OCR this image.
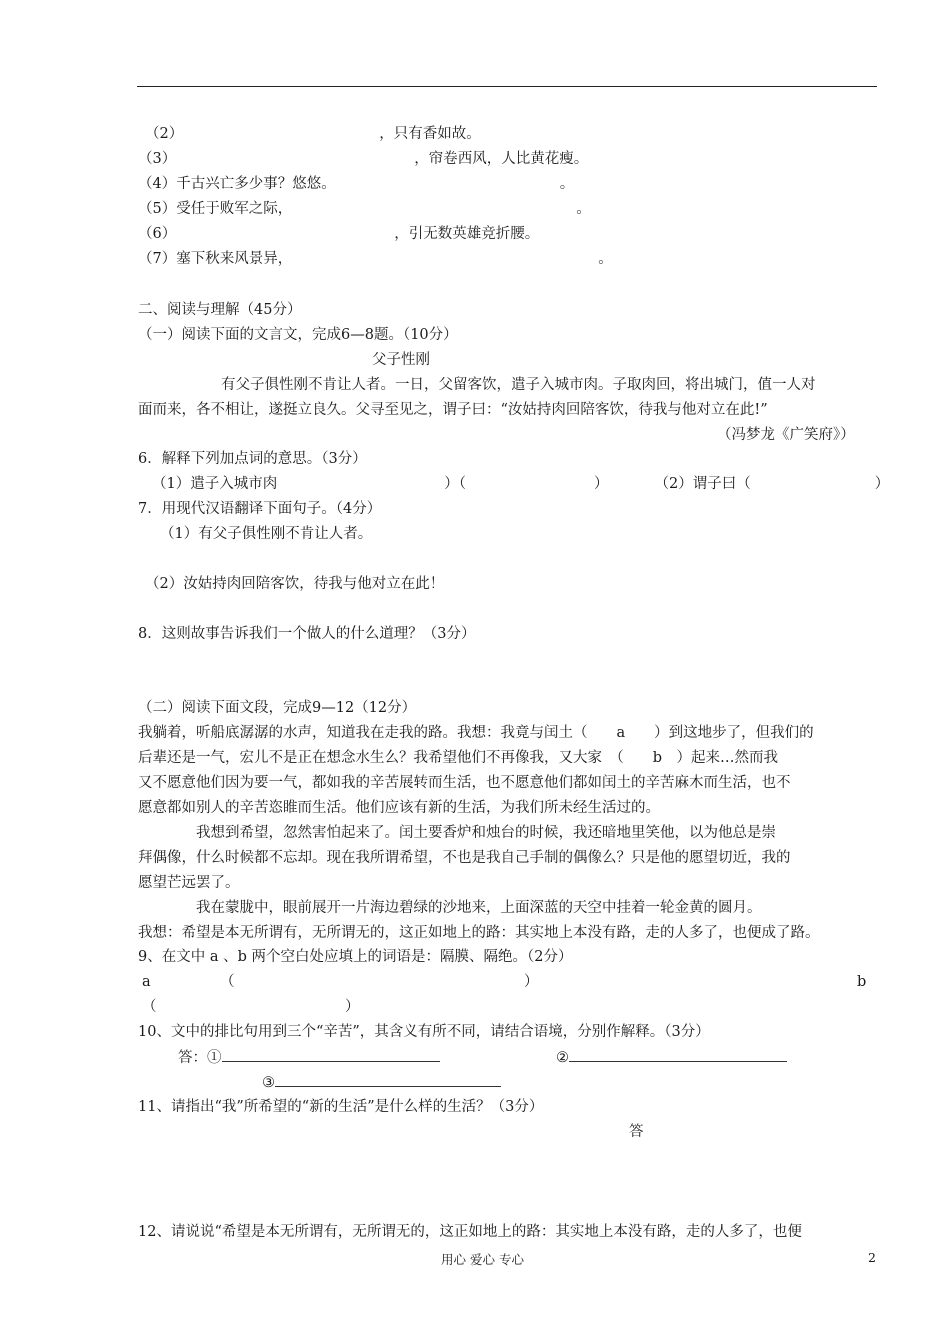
（2）	，只有香如故。
（3）	，帘卷西风，人比黄花瘦。
（4）千古兴亡多少事？悠悠。	。
（5）受任于败军之际，	。
（6）	，引无数英雄竞折腰。
（7）塞下秋来风景异，	。
二、阅读与理解（45分）
（一）阅读下面的文言文，完成6—8题。（10分）
父子性刚
有父子俱性刚不肯让人者。一日，父留客饮，遣子入城市肉。子取肉回，将出城门，值一人对
面而来，各不相让，遂挺立良久。父寻至见之，谓子曰：“汝姑持肉回陪客饮，待我与他对立在此!”
（冯梦龙《广笑府》）
6．解释下列加点词的意思。（3分）
（1）遣子入城市肉	）（	）	（2）谓子曰（	）
7．用现代汉语翻译下面句子。（4分）
（1）有父子俱性刚不肯让人者。
（2）汝姑持肉回陪客饮，待我与他对立在此！
8．这则故事告诉我们一个做人的什么道理？（3分）
（二）阅读下面文段，完成9—12（12分）
我躺着，听船底潺潺的水声，知道我在走我的路。我想：我竟与闰土（　　a　　）到这地步了，但我们的
后辈还是一气，宏儿不是正在想念水生么？我希望他们不再像我，又大家　（　　b　）起来…然而我
又不愿意他们因为要一气，都如我的辛苦展转而生活，也不愿意他们都如闰土的辛苦麻木而生活，也不
愿意都如别人的辛苦恣睢而生活。他们应该有新的生活，为我们所未经生活过的。
　　　　我想到希望，忽然害怕起来了。闰土要香炉和烛台的时候，我还暗地里笑他，以为他总是崇
拜偶像，什么时候都不忘却。现在我所谓希望，不也是我自己手制的偶像么？只是他的愿望切近，我的
愿望芒远罢了。
　　　　我在蒙胧中，眼前展开一片海边碧绿的沙地来，上面深蓝的天空中挂着一轮金黄的圆月。
我想：希望是本无所谓有，无所谓无的，这正如地上的路：其实地上本没有路，走的人多了，也便成了路。
9、在文中 a 、b 两个空白处应填上的词语是：隔膜、隔绝。（2分）
a	（	）	b
（	）
10、文中的排比句用到三个“辛苦”，其含义有所不同，请结合语境，分别作解释。（3分）
答：①	②
③
11、请指出“我”所希望的“新的生活”是什么样的生活？（3分）
答
12、请说说“希望是本无所谓有，无所谓无的，这正如地上的路：其实地上本没有路，走的人多了，也便
用心 爱心 专心	2
